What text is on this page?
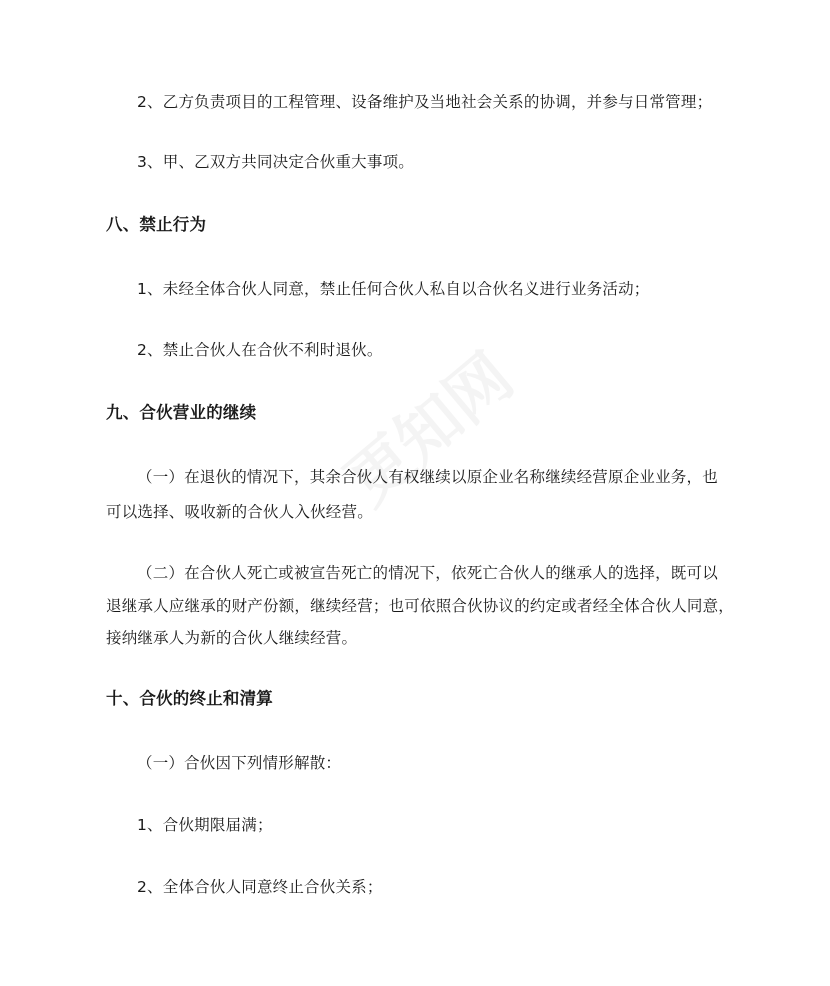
2、乙方负责项目的工程管理、设备维护及当地社会关系的协调，并参与日常管理；
3、甲、乙双方共同决定合伙重大事项。
八、禁止行为
1、未经全体合伙人同意，禁止任何合伙人私自以合伙名义进行业务活动；
2、禁止合伙人在合伙不利时退伙。
九、合伙营业的继续
（一）在退伙的情况下，其余合伙人有权继续以原企业名称继续经营原企业业务，也
可以选择、吸收新的合伙人入伙经营。
（二）在合伙人死亡或被宣告死亡的情况下，依死亡合伙人的继承人的选择，既可以
退继承人应继承的财产份额，继续经营；也可依照合伙协议的约定或者经全体合伙人同意，
接纳继承人为新的合伙人继续经营。
十、合伙的终止和清算
（一）合伙因下列情形解散：
1、合伙期限届满；
2、全体合伙人同意终止合伙关系；
